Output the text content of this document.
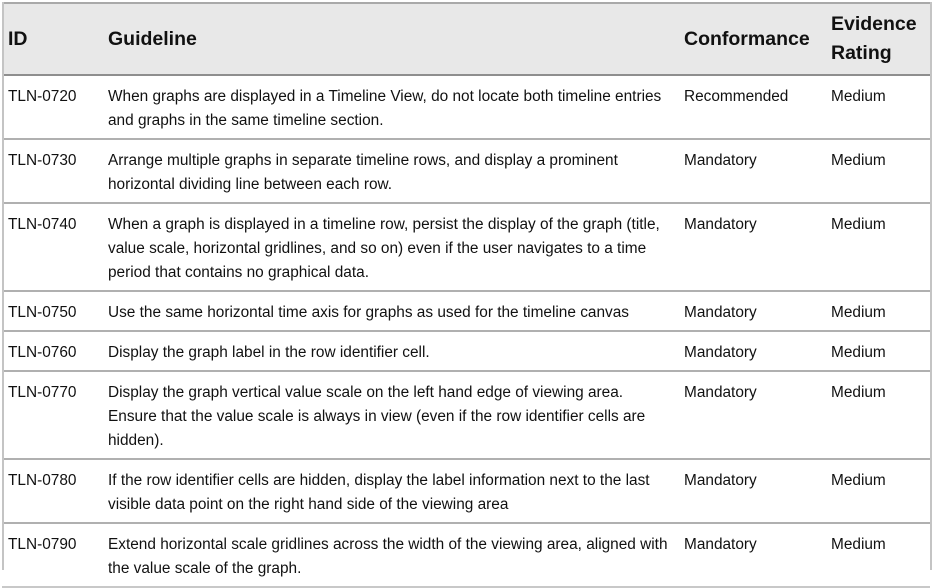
ID	Guideline	Conformance	Evidence
Rating
TLN-0720	When graphs are displayed in a Timeline View, do not locate both timeline entries and graphs in the same timeline section.	Recommended	Medium
TLN-0730	Arrange multiple graphs in separate timeline rows, and display a prominent horizontal dividing line between each row.	Mandatory	Medium
TLN-0740	When a graph is displayed in a timeline row, persist the display of the graph (title, value scale, horizontal gridlines, and so on) even if the user navigates to a time period that contains no graphical data.	Mandatory	Medium
TLN-0750	Use the same horizontal time axis for graphs as used for the timeline canvas	Mandatory	Medium
TLN-0760	Display the graph label in the row identifier cell.	Mandatory	Medium
TLN-0770	Display the graph vertical value scale on the left hand edge of viewing area. Ensure that the value scale is always in view (even if the row identifier cells are hidden).	Mandatory	Medium
TLN-0780	If the row identifier cells are hidden, display the label information next to the last visible data point on the right hand side of the viewing area	Mandatory	Medium
TLN-0790	Extend horizontal scale gridlines across the width of the viewing area, aligned with the value scale of the graph.	Mandatory	Medium
